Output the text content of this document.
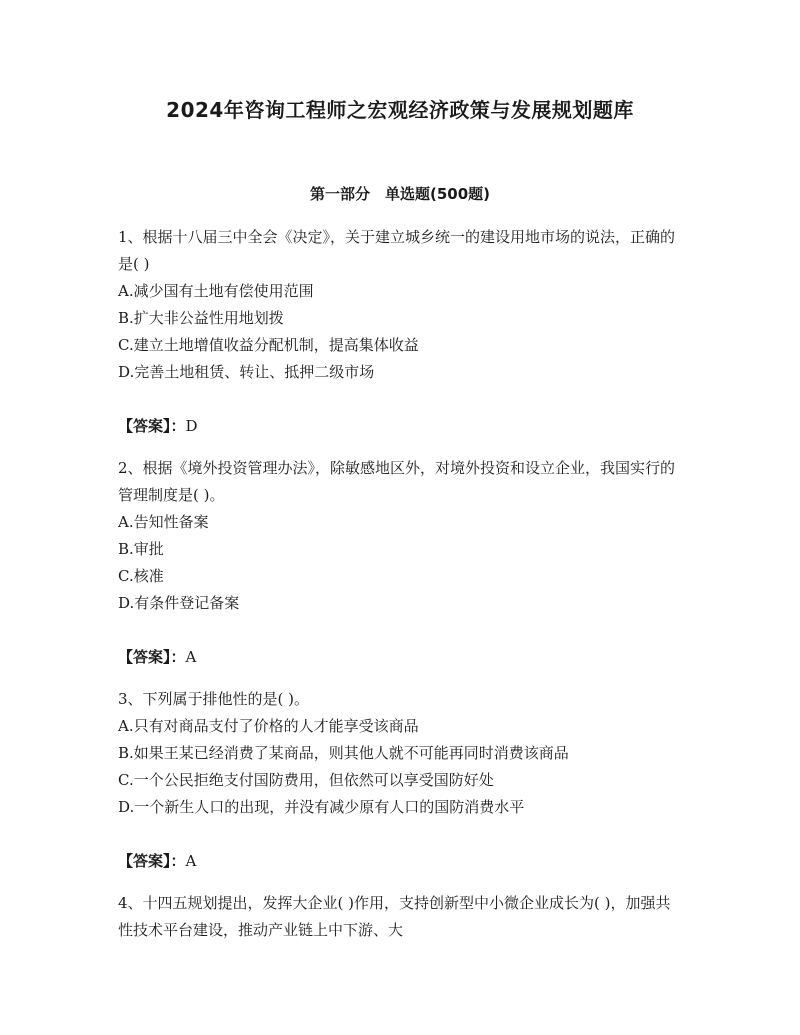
2024年咨询工程师之宏观经济政策与发展规划题库
第一部分　单选题(500题)

1、根据十八届三中全会《决定》，关于建立城乡统一的建设用地市场的说法，正确的是( )

A.减少国有土地有偿使用范围

B.扩大非公益性用地划拨

C.建立土地增值收益分配机制，提高集体收益

D.完善土地租赁、转让、抵押二级市场

【答案】：D

2、根据《境外投资管理办法》，除敏感地区外，对境外投资和设立企业，我国实行的管理制度是( )。

A.告知性备案

B.审批

C.核准

D.有条件登记备案

【答案】：A

3、下列属于排他性的是( )。

A.只有对商品支付了价格的人才能享受该商品

B.如果王某已经消费了某商品，则其他人就不可能再同时消费该商品

C.一个公民拒绝支付国防费用，但依然可以享受国防好处

D.一个新生人口的出现，并没有减少原有人口的国防消费水平

【答案】：A

4、十四五规划提出，发挥大企业( )作用，支持创新型中小微企业成长为( )，加强共性技术平台建设，推动产业链上中下游、大
